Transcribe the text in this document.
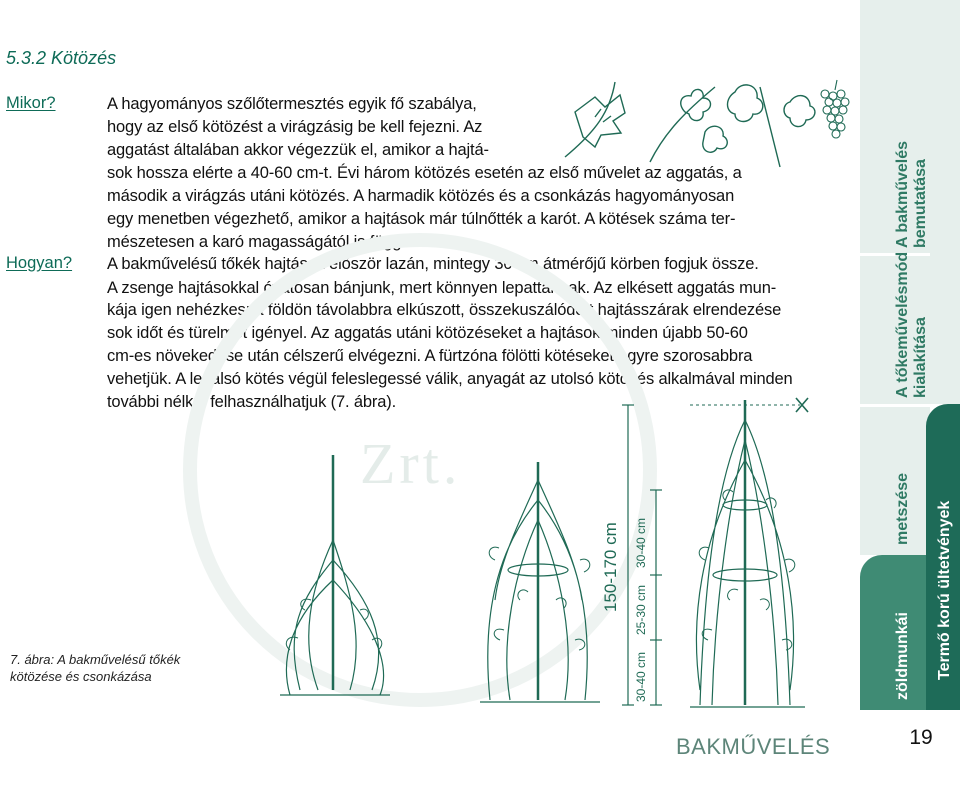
5.3.2 Kötözés
Mikor?
Hogyan?
A hagyományos szőlőtermesztés egyik fő szabálya,
hogy az első kötözést a virágzásig be kell fejezni. Az
aggatást általában akkor végezzük el, amikor a hajtá-
sok hossza elérte a 40-60 cm-t. Évi három kötözés esetén az első művelet az aggatás, a
második a virágzás utáni kötözés. A harmadik kötözés és a csonkázás hagyományosan
egy menetben végezhető, amikor a hajtások már túlnőtték a karót. A kötések száma ter-
mészetesen a karó magasságától is függ.
A bakművelésű tőkék hajtásait először lazán, mintegy 30 cm átmérőjű körben fogjuk össze.
A zsenge hajtásokkal óvatosan bánjunk, mert könnyen lepattannak. Az elkésett aggatás mun-
kája igen nehézkes; a földön távolabbra elkúszott, összekuszálódott hajtásszárak elrendezése
sok időt és türelmet igényel. Az aggatás utáni kötözéseket a hajtások minden újabb 50-60
cm-es növekedése után célszerű elvégezni. A fürtzóna fölötti kötéseket egyre szorosabbra
vehetjük. A legalsó kötés végül feleslegessé válik, anyagát az utolsó kötözés alkalmával minden
további nélkül felhasználhatjuk (7. ábra).
Zrt.
150-170 cm 30-40 cm
25-30 cm
30-40 cm
7. ábra: A bakművelésű tőkék
kötözése és csonkázása
BAKMŰVELÉS	19
A bakművelés bemutatása
A tőkeművelésmód kialakítása
metszése
zöldmunkái Termő korú ültetvények
